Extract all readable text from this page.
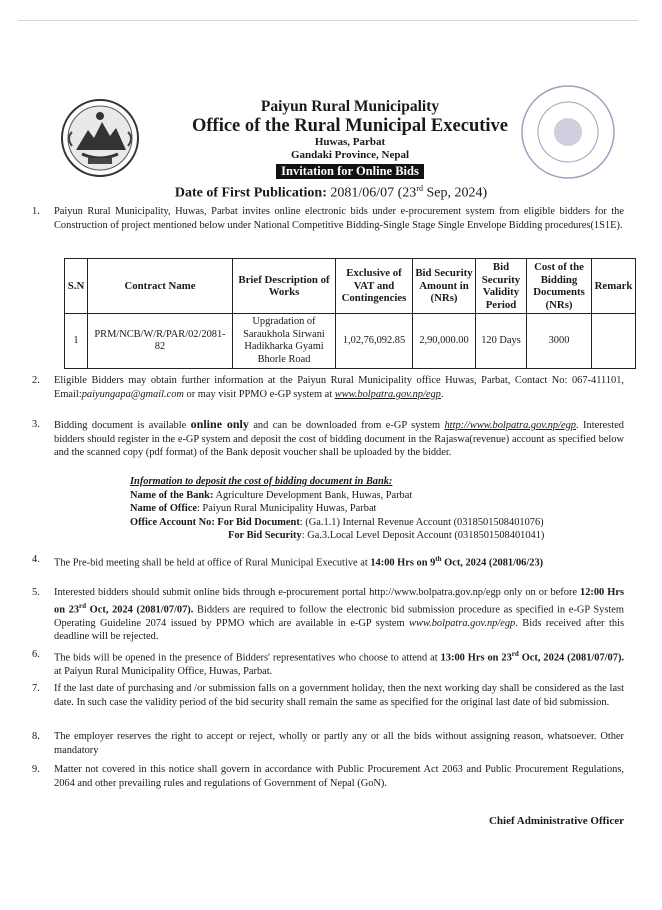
Paiyun Rural Municipality
Office of the Rural Municipal Executive
Huwas, Parbat
Gandaki Province, Nepal
Invitation for Online Bids
Date of First Publication: 2081/06/07 (23rd Sep, 2024)
1. Paiyun Rural Municipality, Huwas, Parbat invites online electronic bids under e-procurement system from eligible bidders for the Construction of project mentioned below under National Competitive Bidding-Single Stage Single Envelope Bidding procedures(1S1E).
S.N	Contract Name	Brief Description of Works	Exclusive of VAT and Contingencies	Bid Security Amount in (NRs)	Bid Security Validity Period	Cost of the Bidding Documents (NRs)	Remark
1	PRM/NCB/W/R/PAR/02/2081-82	Upgradation of Saraukhola Sirwani Hadikharka Gyami Bhorle Road	1,02,76,092.85	2,90,000.00	120 Days	3000	
2. Eligible Bidders may obtain further information at the Paiyun Rural Municipality office Huwas, Parbat, Contact No: 067-411101, Email:paiyungapa@gmail.com or may visit PPMO e-GP system at www.bolpatra.gov.np/egp.
3. Bidding document is available online only and can be downloaded from e-GP system http://www.bolpatra.gov.np/egp. Interested bidders should register in the e-GP system and deposit the cost of bidding document in the Rajaswa(revenue) account as specified below and the scanned copy (pdf format) of the Bank deposit voucher shall be uploaded by the bidder.
Information to deposit the cost of bidding document in Bank:
Name of the Bank: Agriculture Development Bank, Huwas, Parbat
Name of Office: Paiyun Rural Municipality Huwas, Parbat
Office Account No: For Bid Document: (Ga.1.1) Internal Revenue Account (0318501508401076)
For Bid Security: Ga.3.Local Level Deposit Account (0318501508401041)
4. The Pre-bid meeting shall be held at office of Rural Municipal Executive at 14:00 Hrs on 9th Oct, 2024 (2081/06/23)
5. Interested bidders should submit online bids through e-procurement portal http://www.bolpatra.gov.np/egp only on or before 12:00 Hrs on 23rd Oct, 2024 (2081/07/07). Bidders are required to follow the electronic bid submission procedure as specified in e-GP System Operating Guideline 2074 issued by PPMO which are available in e-GP system www.bolpatra.gov.np/egp. Bids received after this deadline will be rejected.
6. The bids will be opened in the presence of Bidders' representatives who choose to attend at 13:00 Hrs on 23rd Oct, 2024 (2081/07/07). at Paiyun Rural Municipality Office, Huwas, Parbat.
7. If the last date of purchasing and /or submission falls on a government holiday, then the next working day shall be considered as the last date. In such case the validity period of the bid security shall remain the same as specified for the original last date of bid submission.
8. The employer reserves the right to accept or reject, wholly or partly any or all the bids without assigning reason, whatsoever. Other mandatory
9. Matter not covered in this notice shall govern in accordance with Public Procurement Act 2063 and Public Procurement Regulations, 2064 and other prevailing rules and regulations of Government of Nepal (GoN).
Chief Administrative Officer
